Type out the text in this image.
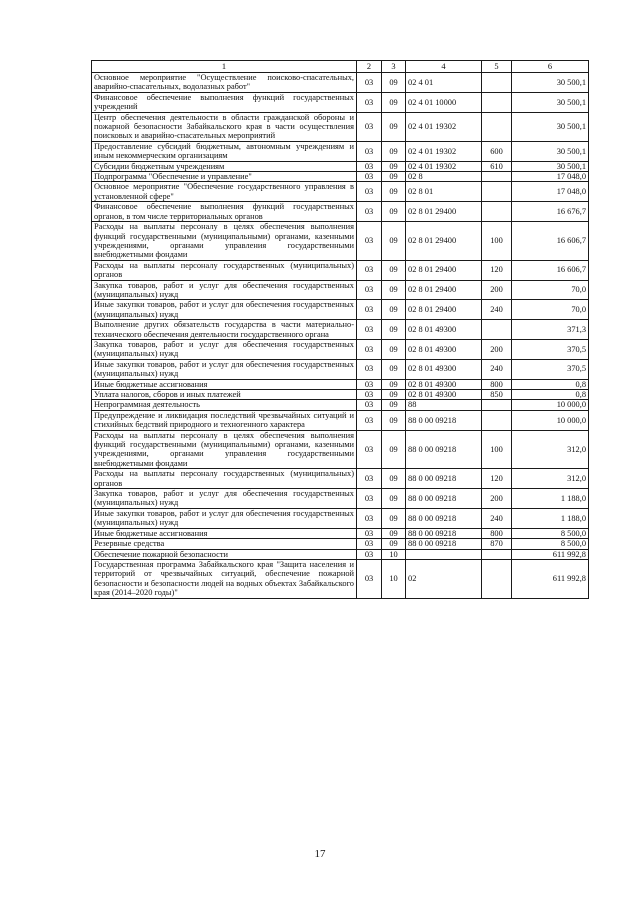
1	2	3	4	5	6
Основное мероприятие "Осуществление поисково-спасательных, аварийно-спасательных, водолазных работ"	03	09	02 4 01		30 500,1
Финансовое обеспечение выполнения функций государственных учреждений	03	09	02 4 01 10000		30 500,1
Центр обеспечения деятельности в области гражданской обороны и пожарной безопасности Забайкальского края в части осуществления поисковых и аварийно-спасательных мероприятий	03	09	02 4 01 19302		30 500,1
Предоставление субсидий бюджетным, автономным учреждениям и иным некоммерческим организациям	03	09	02 4 01 19302	600	30 500,1
Субсидии бюджетным учреждениям	03	09	02 4 01 19302	610	30 500,1
Подпрограмма "Обеспечение и управление"	03	09	02 8		17 048,0
Основное мероприятие "Обеспечение государственного управления в установленной сфере"	03	09	02 8 01		17 048,0
Финансовое обеспечение выполнения функций государственных органов, в том числе территориальных органов	03	09	02 8 01 29400		16 676,7
Расходы на выплаты персоналу в целях обеспечения выполнения функций государственными (муниципальными) органами, казенными учреждениями, органами управления государственными внебюджетными фондами	03	09	02 8 01 29400	100	16 606,7
Расходы на выплаты персоналу государственных (муниципальных) органов	03	09	02 8 01 29400	120	16 606,7
Закупка товаров, работ и услуг для обеспечения государственных (муниципальных) нужд	03	09	02 8 01 29400	200	70,0
Иные закупки товаров, работ и услуг для обеспечения государственных (муниципальных) нужд	03	09	02 8 01 29400	240	70,0
Выполнение других обязательств государства в части материально-технического обеспечения деятельности государственного органа	03	09	02 8 01 49300		371,3
Закупка товаров, работ и услуг для обеспечения государственных (муниципальных) нужд	03	09	02 8 01 49300	200	370,5
Иные закупки товаров, работ и услуг для обеспечения государственных (муниципальных) нужд	03	09	02 8 01 49300	240	370,5
Иные бюджетные ассигнования	03	09	02 8 01 49300	800	0,8
Уплата налогов, сборов и иных платежей	03	09	02 8 01 49300	850	0,8
Непрограммная деятельность	03	09	88		10 000,0
Предупреждение и ликвидация последствий чрезвычайных ситуаций и стихийных бедствий природного и техногенного характера	03	09	88 0 00 09218		10 000,0
Расходы на выплаты персоналу в целях обеспечения выполнения функций государственными (муниципальными) органами, казенными учреждениями, органами управления государственными внебюджетными фондами	03	09	88 0 00 09218	100	312,0
Расходы на выплаты персоналу государственных (муниципальных) органов	03	09	88 0 00 09218	120	312,0
Закупка товаров, работ и услуг для обеспечения государственных (муниципальных) нужд	03	09	88 0 00 09218	200	1 188,0
Иные закупки товаров, работ и услуг для обеспечения государственных (муниципальных) нужд	03	09	88 0 00 09218	240	1 188,0
Иные бюджетные ассигнования	03	09	88 0 00 09218	800	8 500,0
Резервные средства	03	09	88 0 00 09218	870	8 500,0
Обеспечение пожарной безопасности	03	10			611 992,8
Государственная программа Забайкальского края "Защита населения и территорий от чрезвычайных ситуаций, обеспечение пожарной безопасности и безопасности людей на водных объектах Забайкальского края (2014–2020 годы)"	03	10	02		611 992,8
17
